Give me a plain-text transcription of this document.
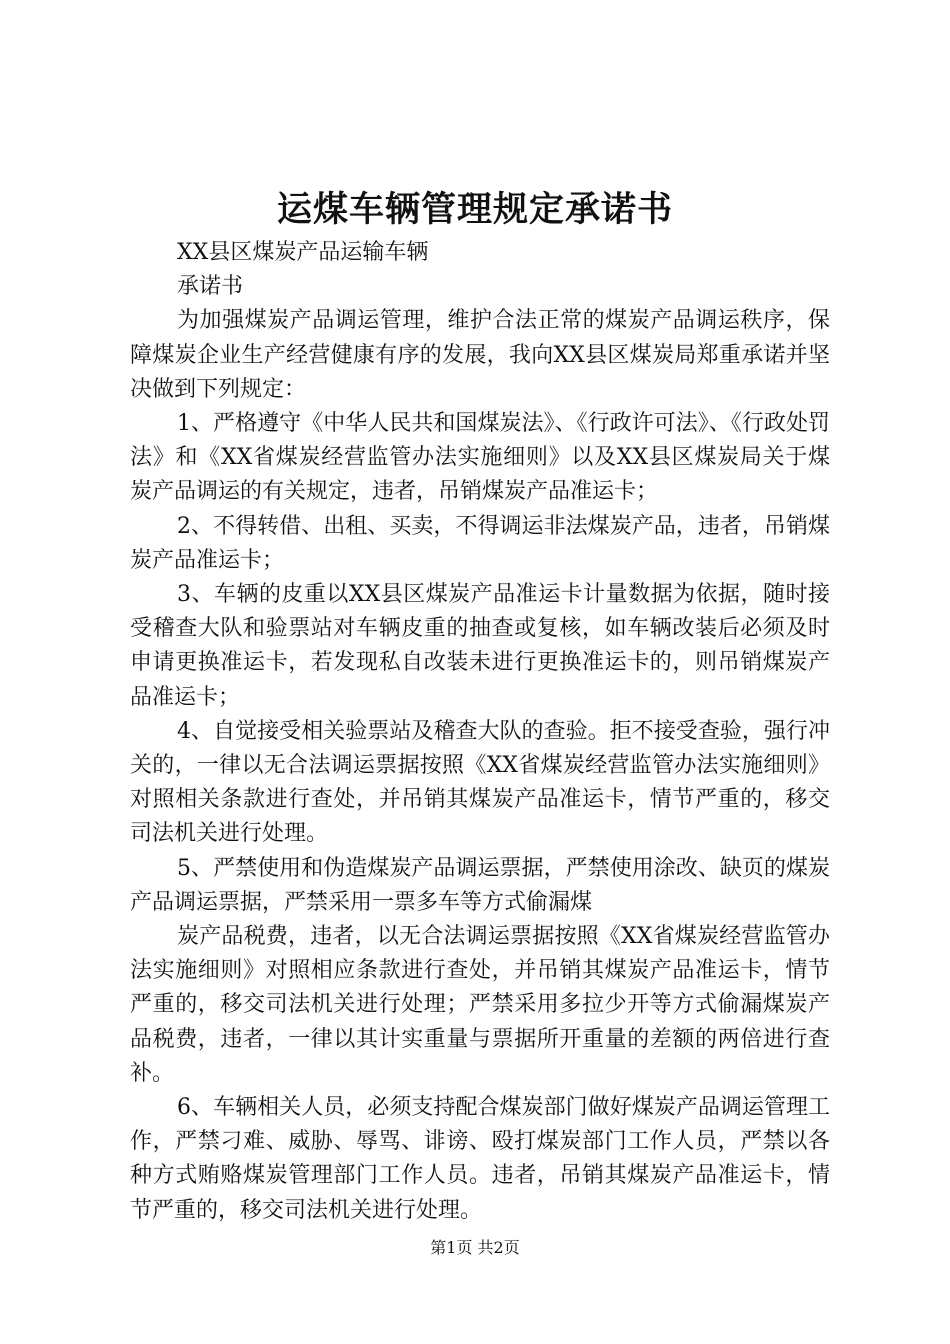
运煤车辆管理规定承诺书

XX县区煤炭产品运输车辆

承诺书

为加强煤炭产品调运管理，维护合法正常的煤炭产品调运秩序，保障煤炭企业生产经营健康有序的发展，我向XX县区煤炭局郑重承诺并坚决做到下列规定：

1、严格遵守《中华人民共和国煤炭法》、《行政许可法》、《行政处罚法》和《XX省煤炭经营监管办法实施细则》以及XX县区煤炭局关于煤炭产品调运的有关规定，违者，吊销煤炭产品准运卡；

2、不得转借、出租、买卖，不得调运非法煤炭产品，违者，吊销煤炭产品准运卡；

3、车辆的皮重以XX县区煤炭产品准运卡计量数据为依据，随时接受稽查大队和验票站对车辆皮重的抽查或复核，如车辆改装后必须及时申请更换准运卡，若发现私自改装未进行更换准运卡的，则吊销煤炭产品准运卡；

4、自觉接受相关验票站及稽查大队的查验。拒不接受查验，强行冲关的，一律以无合法调运票据按照《XX省煤炭经营监管办法实施细则》对照相关条款进行查处，并吊销其煤炭产品准运卡，情节严重的，移交司法机关进行处理。

5、严禁使用和伪造煤炭产品调运票据，严禁使用涂改、缺页的煤炭产品调运票据，严禁采用一票多车等方式偷漏煤

炭产品税费，违者，以无合法调运票据按照《XX省煤炭经营监管办法实施细则》对照相应条款进行查处，并吊销其煤炭产品准运卡，情节严重的，移交司法机关进行处理；严禁采用多拉少开等方式偷漏煤炭产品税费，违者，一律以其计实重量与票据所开重量的差额的两倍进行查补。

6、车辆相关人员，必须支持配合煤炭部门做好煤炭产品调运管理工作，严禁刁难、威胁、辱骂、诽谤、殴打煤炭部门工作人员，严禁以各种方式贿赂煤炭管理部门工作人员。违者，吊销其煤炭产品准运卡，情节严重的，移交司法机关进行处理。

第1页 共2页
